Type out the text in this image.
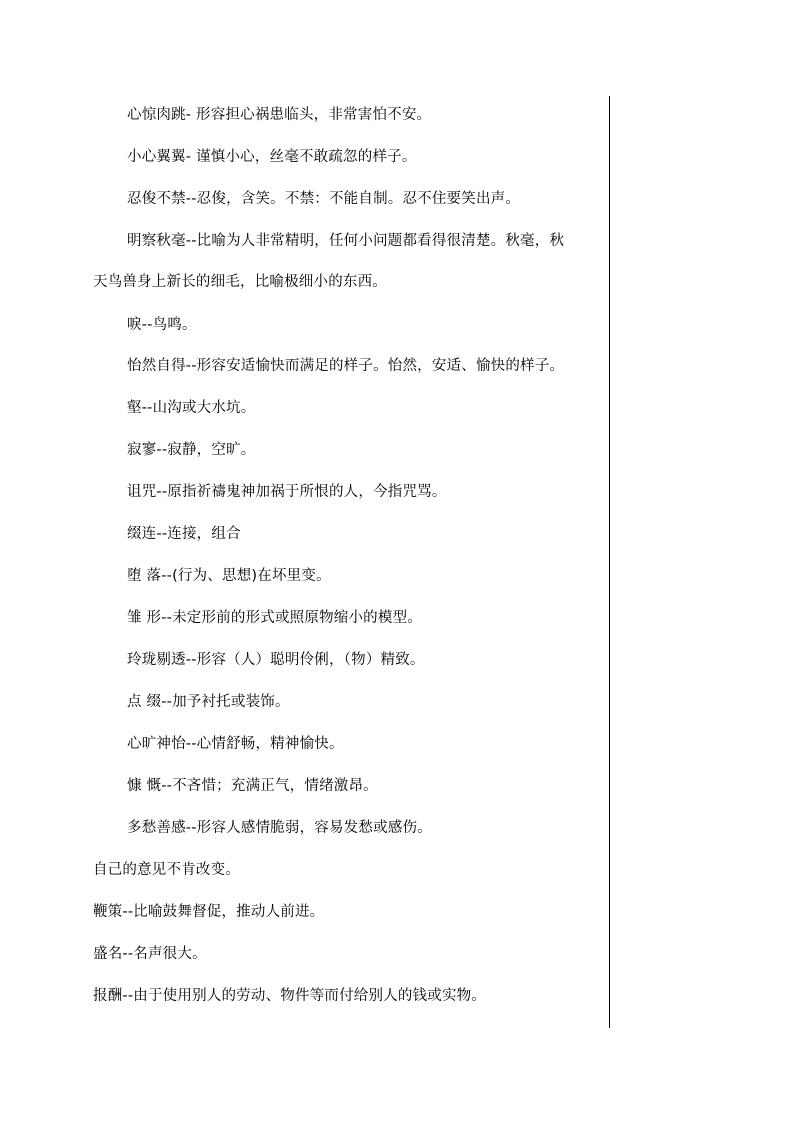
心惊肉跳- 形容担心祸患临头，非常害怕不安。
小心翼翼- 谨慎小心，丝毫不敢疏忽的样子。
忍俊不禁--忍俊，含笑。不禁：不能自制。忍不住要笑出声。
明察秋毫--比喻为人非常精明，任何小问题都看得很清楚。秋毫，秋
天鸟兽身上新长的细毛，比喻极细小的东西。
唳--鸟鸣。
怡然自得--形容安适愉快而满足的样子。怡然，安适、愉快的样子。
壑--山沟或大水坑。
寂寥--寂静，空旷。
诅咒--原指祈禱鬼神加祸于所恨的人，今指咒骂。
缀连--连接，组合
堕 落--(行为、思想)在坏里变。
雏 形--未定形前的形式或照原物缩小的模型。
玲珑剔透--形容（人）聪明伶俐，（物）精致。
点 缀--加予衬托或装饰。
心旷神怡--心情舒畅，精神愉快。
慷 慨--不吝惜；充满正气，情绪激昂。
多愁善感--形容人感情脆弱，容易发愁或感伤。
自己的意见不肯改变。
鞭策--比喻鼓舞督促，推动人前进。
盛名--名声很大。
报酬--由于使用别人的劳动、物件等而付给别人的钱或实物。
